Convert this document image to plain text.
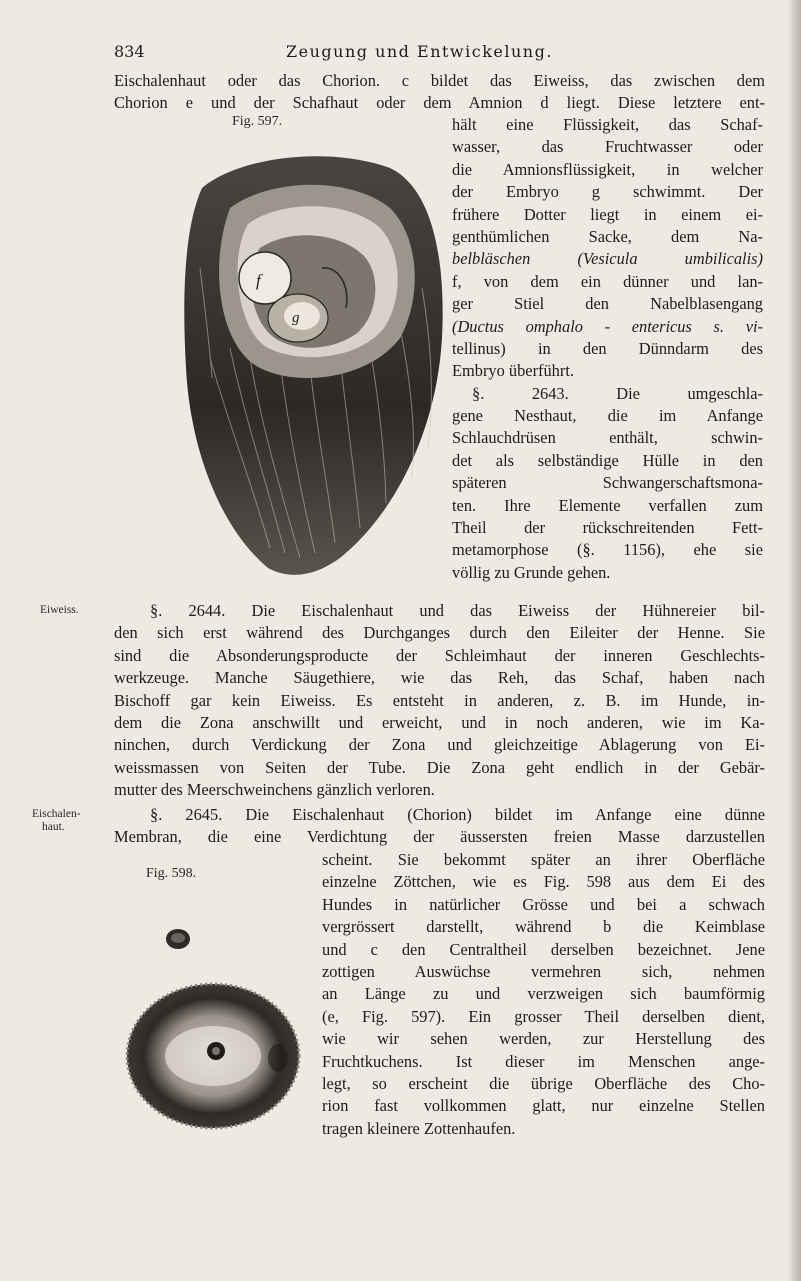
834	Zeugung und Entwickelung.
Eischalenhaut oder das Chorion. c bildet das Eiweiss, das zwischen dem
Chorion e und der Schafhaut oder dem Amnion d liegt. Diese letztere ent-
Fig. 597.
f
g
hält eine Flüssigkeit, das Schaf-
wasser, das Fruchtwasser oder
die Amnionsflüssigkeit, in welcher
der Embryo g schwimmt. Der
frühere Dotter liegt in einem ei-
genthümlichen Sacke, dem Na-
belbläschen (Vesicula umbilicalis)
f, von dem ein dünner und lan-
ger Stiel den Nabelblasengang
(Ductus omphalo - entericus s. vi-
tellinus) in den Dünndarm des
Embryo überführt.
§. 2643. Die umgeschla-
gene Nesthaut, die im Anfange
Schlauchdrüsen enthält, schwin-
det als selbständige Hülle in den
späteren Schwangerschaftsmona-
ten. Ihre Elemente verfallen zum
Theil der rückschreitenden Fett-
metamorphose (§. 1156), ehe sie
völlig zu Grunde gehen.
Eiweiss.	§. 2644. Die Eischalenhaut und das Eiweiss der Hühnereier bil-
den sich erst während des Durchganges durch den Eileiter der Henne. Sie
sind die Absonderungsproducte der Schleimhaut der inneren Geschlechts-
werkzeuge. Manche Säugethiere, wie das Reh, das Schaf, haben nach
Bischoff gar kein Eiweiss. Es entsteht in anderen, z. B. im Hunde, in-
dem die Zona anschwillt und erweicht, und in noch anderen, wie im Ka-
ninchen, durch Verdickung der Zona und gleichzeitige Ablagerung von Ei-
weissmassen von Seiten der Tube. Die Zona geht endlich in der Gebär-
mutter des Meerschweinchens gänzlich verloren.
Eischalen-
haut.
§. 2645. Die Eischalenhaut (Chorion) bildet im Anfange eine dünne
Membran, die eine Verdichtung der äussersten freien Masse darzustellen
Fig. 598.
scheint. Sie bekommt später an ihrer Oberfläche
einzelne Zöttchen, wie es Fig. 598 aus dem Ei des
Hundes in natürlicher Grösse und bei a schwach
vergrössert darstellt, während b die Keimblase
und c den Centraltheil derselben bezeichnet. Jene
zottigen Auswüchse vermehren sich, nehmen
an Länge zu und verzweigen sich baumförmig
(e, Fig. 597). Ein grosser Theil derselben dient,
wie wir sehen werden, zur Herstellung des
Fruchtkuchens. Ist dieser im Menschen ange-
legt, so erscheint die übrige Oberfläche des Cho-
rion fast vollkommen glatt, nur einzelne Stellen
tragen kleinere Zottenhaufen.
